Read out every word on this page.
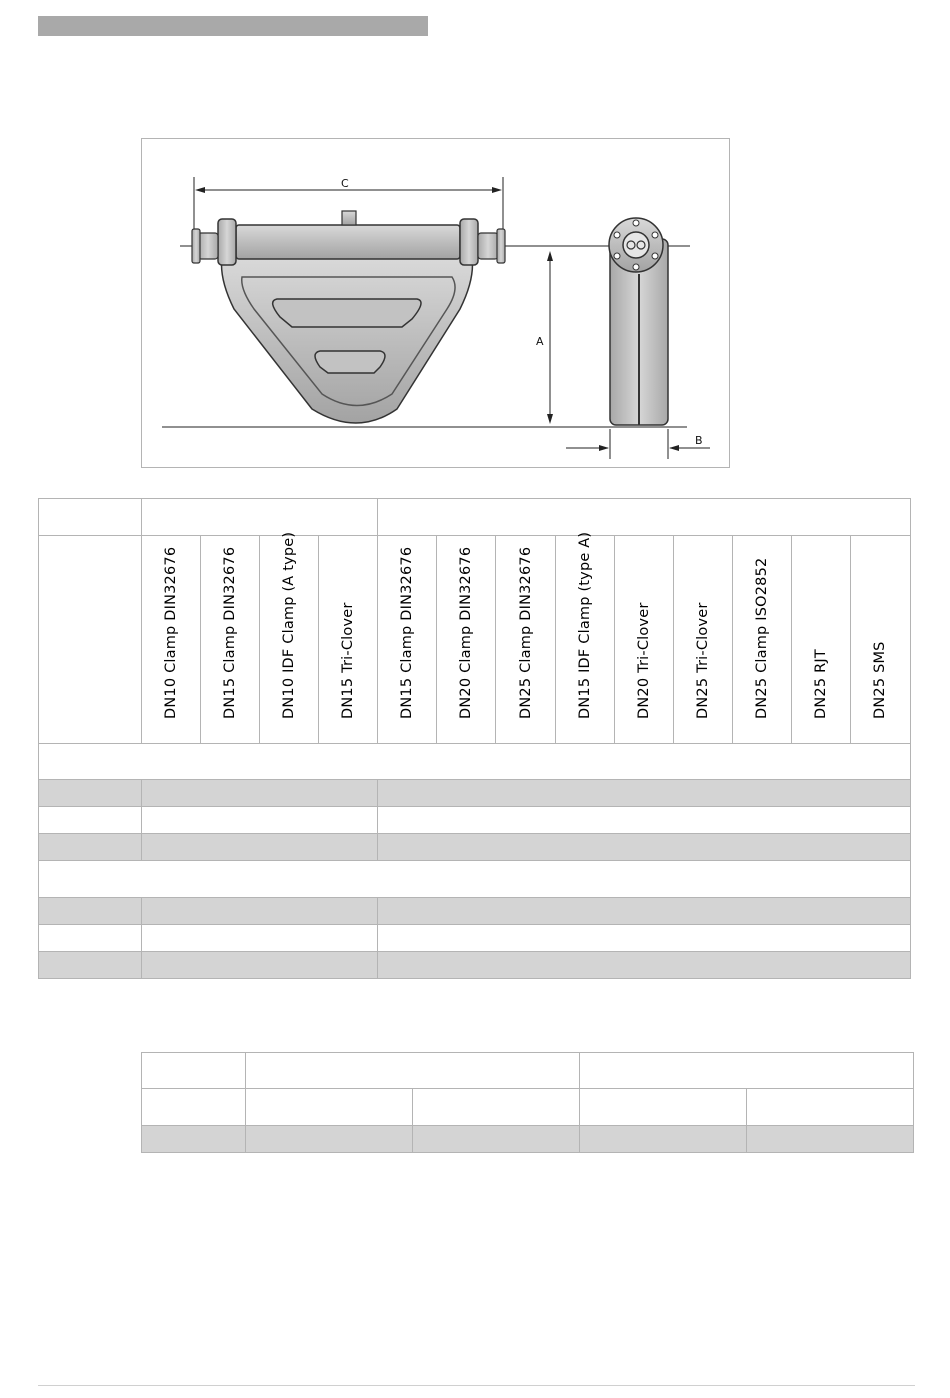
C
A
B

	DN10 Clamp DIN32676	DN15 Clamp DIN32676	DN10 IDF Clamp (A type)	DN15 Tri-Clover	DN15 Clamp DIN32676	DN20 Clamp DIN32676	DN25 Clamp DIN32676	DN15 IDF Clamp (type A)	DN20 Tri-Clover	DN25 Tri-Clover	DN25 Clamp ISO2852	DN25 RJT	DN25 SMS
